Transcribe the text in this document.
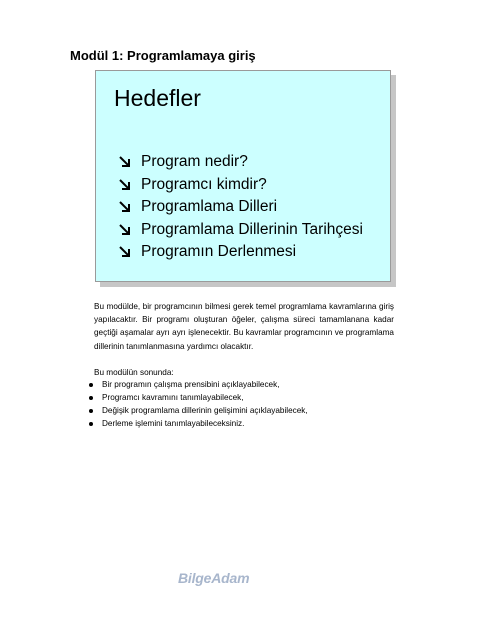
Modül 1: Programlamaya giriş
Hedefler
Program nedir?
Programcı kimdir?
Programlama Dilleri
Programlama Dillerinin Tarihçesi
Programın Derlenmesi
Bu modülde, bir programcının bilmesi gerek temel programlama kavramlarına giriş yapılacaktır. Bir programı oluşturan öğeler, çalışma süreci tamamlanana kadar geçtiği aşamalar ayrı ayrı işlenecektir. Bu kavramlar programcının ve programlama dillerinin tanımlanmasına yardımcı olacaktır.
Bu modülün sonunda:
Bir programın çalışma prensibini açıklayabilecek,
Programcı kavramını tanımlayabilecek,
Değişik programlama dillerinin gelişimini açıklayabilecek,
Derleme işlemini tanımlayabileceksiniz.
BilgeAdam
